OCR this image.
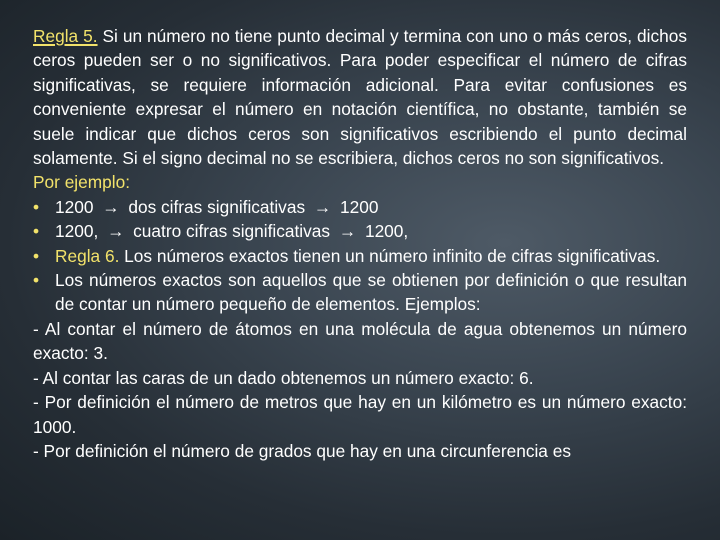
Regla 5. Si un número no tiene punto decimal y termina con uno o más ceros, dichos ceros pueden ser o no significativos. Para poder especificar el número de cifras significativas, se requiere información adicional. Para evitar confusiones es conveniente expresar el número en notación científica, no obstante, también se suele indicar que dichos ceros son significativos escribiendo el punto decimal solamente. Si el signo decimal no se escribiera, dichos ceros no son significativos.

Por ejemplo:

• 1200 → dos cifras significativas → 1200

• 1200, → cuatro cifras significativas → 1200,

• Regla 6. Los números exactos tienen un número infinito de cifras significativas.

• Los números exactos son aquellos que se obtienen por definición o que resultan de contar un número pequeño de elementos. Ejemplos:

- Al contar el número de átomos en una molécula de agua obtenemos un número exacto: 3.

- Al contar las caras de un dado obtenemos un número exacto: 6.

- Por definición el número de metros que hay en un kilómetro es un número exacto: 1000.

- Por definición el número de grados que hay en una circunferencia es
